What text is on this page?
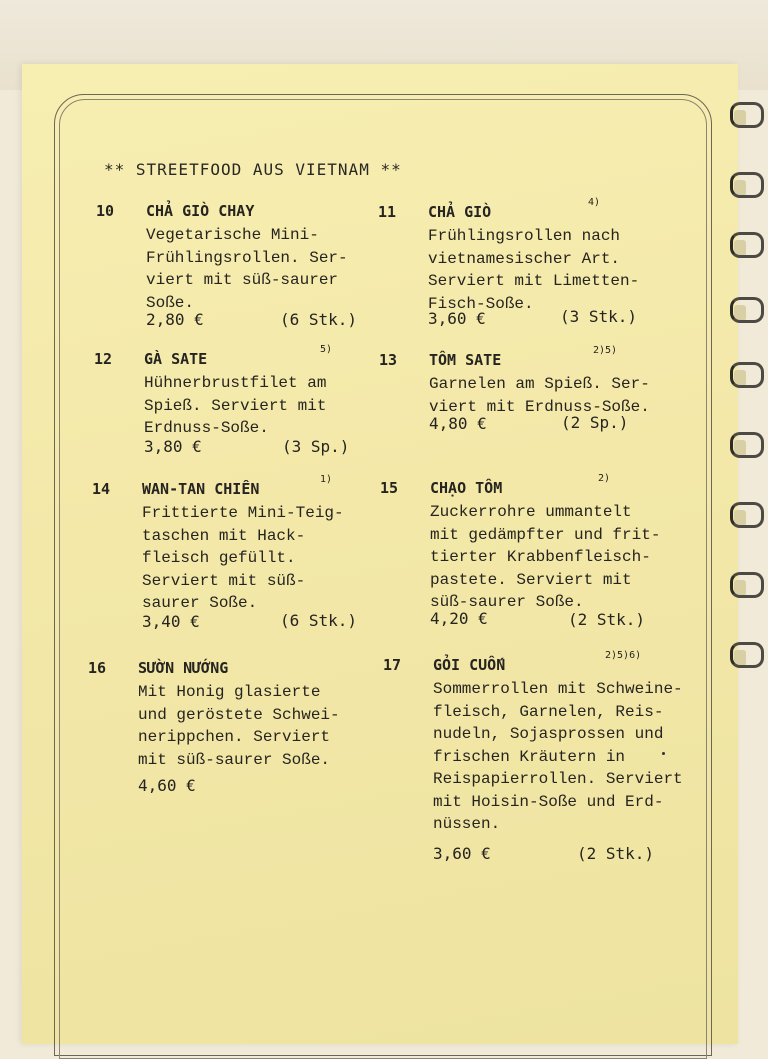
** STREETFOOD AUS VIETNAM **
10 CHẢ GIÒ CHAY
Vegetarische Mini-
Frühlingsrollen. Ser-
viert mit süß-saurer
Soße.
2,80 €	(6 Stk.)
11 CHẢ GIÒ
4)
Frühlingsrollen nach
vietnamesischer Art.
Serviert mit Limetten-
Fisch-Soße.
3,60 €	(3 Stk.)
12 GÀ SATE
5)
Hühnerbrustfilet am
Spieß. Serviert mit
Erdnuss-Soße.
3,80 €	(3 Sp.)
13 TÔM SATE
2)5)
Garnelen am Spieß. Ser-
viert mit Erdnuss-Soße.
4,80 €	(2 Sp.)
14 WAN-TAN CHIÊN
1)
Frittierte Mini-Teig-
taschen mit Hack-
fleisch gefüllt.
Serviert mit süß-
saurer Soße.
3,40 €	(6 Stk.)
15 CHẠO TÔM
2)
Zuckerrohre ummantelt
mit gedämpfter und frit-
tierter Krabbenfleisch-
pastete. Serviert mit
süß-saurer Soße.
4,20 €	(2 Stk.)
16 SƯỜN NƯỚNG
Mit Honig glasierte
und geröstete Schwei-
nerippchen. Serviert
mit süß-saurer Soße.
4,60 €
17 GỎI CUỐN
2)5)6)
Sommerrollen mit Schweine-
fleisch, Garnelen, Reis-
nudeln, Sojasprossen und
frischen Kräutern in
Reispapierrollen. Serviert
mit Hoisin-Soße und Erd-
nüssen.
3,60 €	(2 Stk.)
